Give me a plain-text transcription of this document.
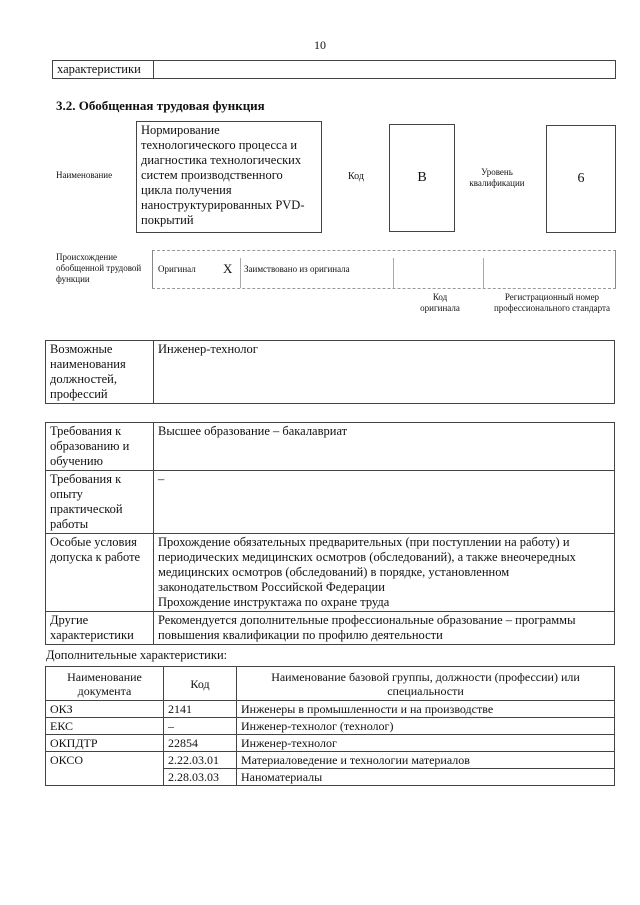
10
характеристики
3.2. Обобщенная трудовая функция
Наименование
Нормирование технологического процесса и диагностика технологических систем производственного цикла получения наноструктурированных PVD-покрытий
Код	B	Уровень квалификации	6
Происхождение обобщенной трудовой функции
Оригинал X Заимствовано из оригинала
Код оригинала
Регистрационный номер профессионального стандарта
Возможные наименования должностей, профессий	Инженер-технолог
Требования к образованию и обучению	Высшее образование – бакалавриат
Требования к опыту практической работы	–
Особые условия допуска к работе	Прохождение обязательных предварительных (при поступлении на работу) и периодических медицинских осмотров (обследований), а также внеочередных медицинских осмотров (обследований) в порядке, установленном законодательством Российской Федерации
Прохождение инструктажа по охране труда

Другие характеристики	Рекомендуется дополнительные профессиональные образование – программы повышения квалификации по профилю деятельности
Дополнительные характеристики:
Наименование документа	Код	Наименование базовой группы, должности (профессии) или специальности
ОКЗ	2141	Инженеры в промышленности и на производстве
ЕКС	–	Инженер-технолог (технолог)
ОКПДТР	22854	Инженер-технолог
ОКСО	2.22.03.01	Материаловедение и технологии материалов
	2.28.03.03	Наноматериалы
